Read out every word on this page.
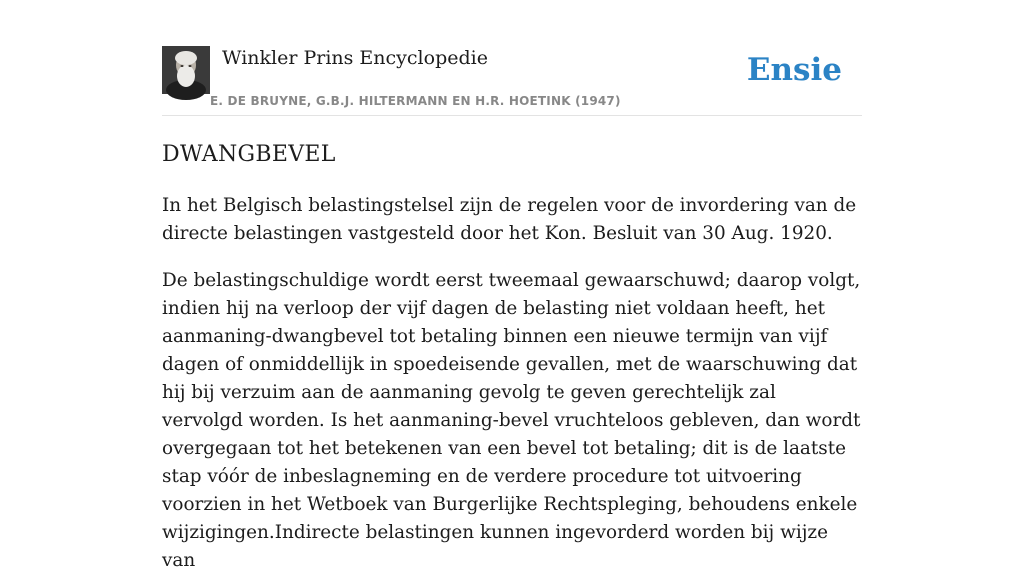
Winkler Prins Encyclopedie
E. DE BRUYNE, G.B.J. HILTERMANN EN H.R. HOETINK (1947)
Ensie
DWANGBEVEL

In het Belgisch belastingstelsel zijn de regelen voor de invordering van de directe belastingen vastgesteld door het Kon. Besluit van 30 Aug. 1920.

De belastingschuldige wordt eerst tweemaal gewaarschuwd; daarop volgt, indien hij na verloop der vijf dagen de belasting niet voldaan heeft, het aanmaning-dwangbevel tot betaling binnen een nieuwe termijn van vijf dagen of onmiddellijk in spoedeisende gevallen, met de waarschuwing dat hij bij verzuim aan de aanmaning gevolg te geven gerechtelijk zal vervolgd worden. Is het aanmaning-bevel vruchteloos gebleven, dan wordt overgegaan tot het betekenen van een bevel tot betaling; dit is de laatste stap vóór de inbeslagneming en de verdere procedure tot uitvoering voorzien in het Wetboek van Burgerlijke Rechtspleging, behoudens enkele wijzigingen.Indirecte belastingen kunnen ingevorderd worden bij wijze van
